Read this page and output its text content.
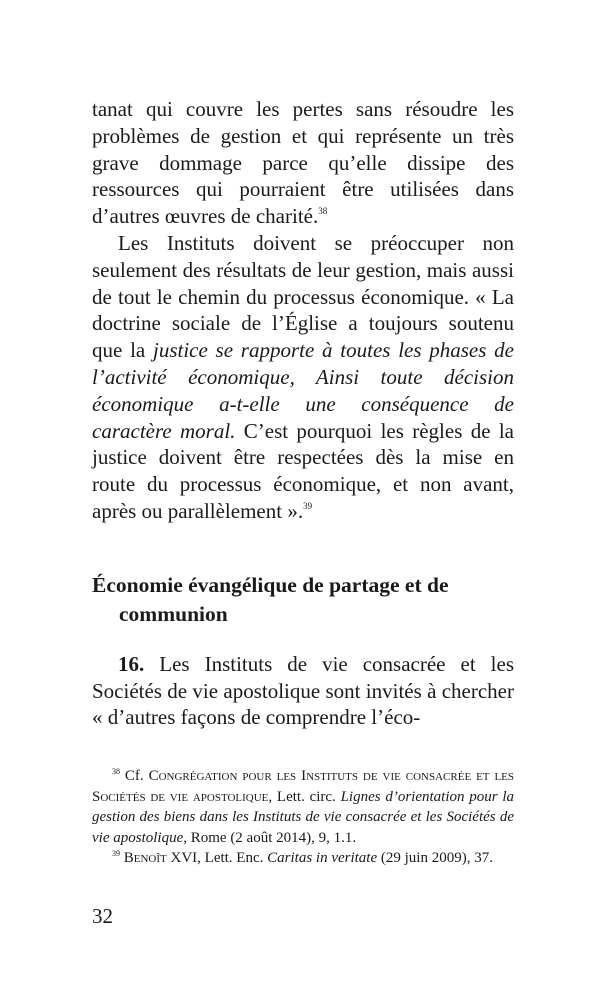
tanat qui couvre les pertes sans résoudre les problèmes de gestion et qui représente un très grave dommage parce qu’elle dissipe des ressources qui pourraient être utilisées dans d’autres œuvres de charité.$^{38}$

Les Instituts doivent se préoccuper non seulement des résultats de leur gestion, mais aussi de tout le chemin du processus économique. « La doctrine sociale de l’Église a toujours soutenu que la justice se rapporte à toutes les phases de l’activité économique, Ainsi toute décision économique a-t-elle une conséquence de caractère moral. C’est pourquoi les règles de la justice doivent être respectées dès la mise en route du processus économique, et non avant, après ou parallèlement ».$^{39}$

Économie évangélique de partage et de communion

16. Les Instituts de vie consacrée et les Sociétés de vie apostolique sont invités à chercher « d’autres façons de comprendre l’éco-

$^{38}$ Cf. Congrégation pour les Instituts de vie consacrée et les Sociétés de vie apostolique, Lett. circ. Lignes d’orientation pour la gestion des biens dans les Instituts de vie consacrée et les Sociétés de vie apostolique, Rome (2 août 2014), 9, 1.1.

$^{39}$ Benoît XVI, Lett. Enc. Caritas in veritate (29 juin 2009), 37.

32
